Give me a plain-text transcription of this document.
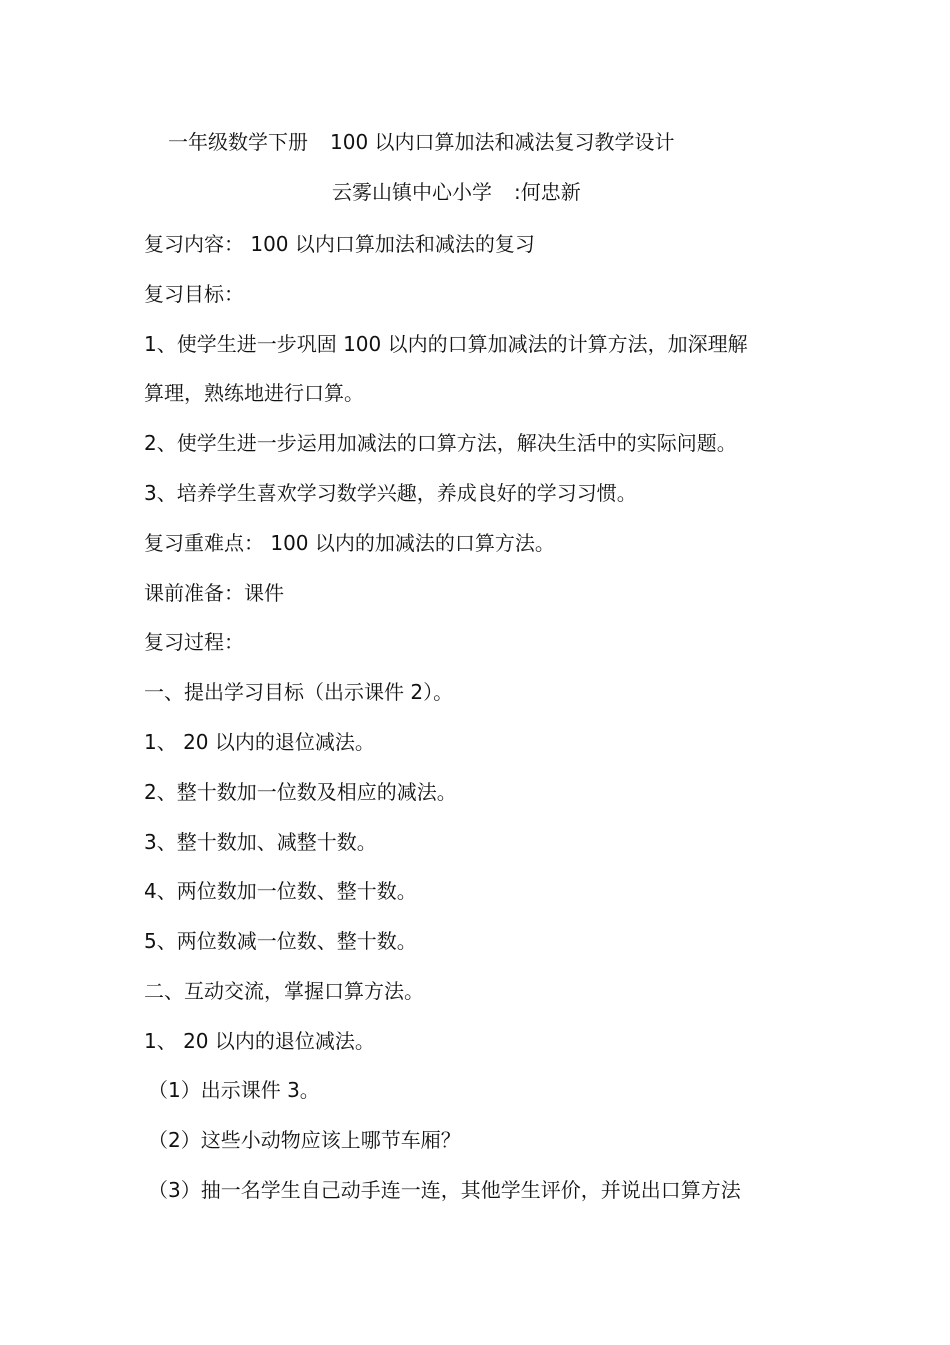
一年级数学下册 100 以内口算加法和减法复习教学设计
云雾山镇中心小学 :何忠新
复习内容： 100 以内口算加法和减法的复习
复习目标：
1、使学生进一步巩固 100 以内的口算加减法的计算方法，加深理解
算理，熟练地进行口算。
2、使学生进一步运用加减法的口算方法，解决生活中的实际问题。
3、培养学生喜欢学习数学兴趣，养成良好的学习习惯。
复习重难点： 100 以内的加减法的口算方法。
课前准备：课件
复习过程：
一、提出学习目标（出示课件 2）。
1、 20 以内的退位减法。
2、整十数加一位数及相应的减法。
3、整十数加、减整十数。
4、两位数加一位数、整十数。
5、两位数减一位数、整十数。
二、互动交流，掌握口算方法。
1、 20 以内的退位减法。
（1）出示课件 3。
（2）这些小动物应该上哪节车厢？
（3）抽一名学生自己动手连一连，其他学生评价，并说出口算方法
